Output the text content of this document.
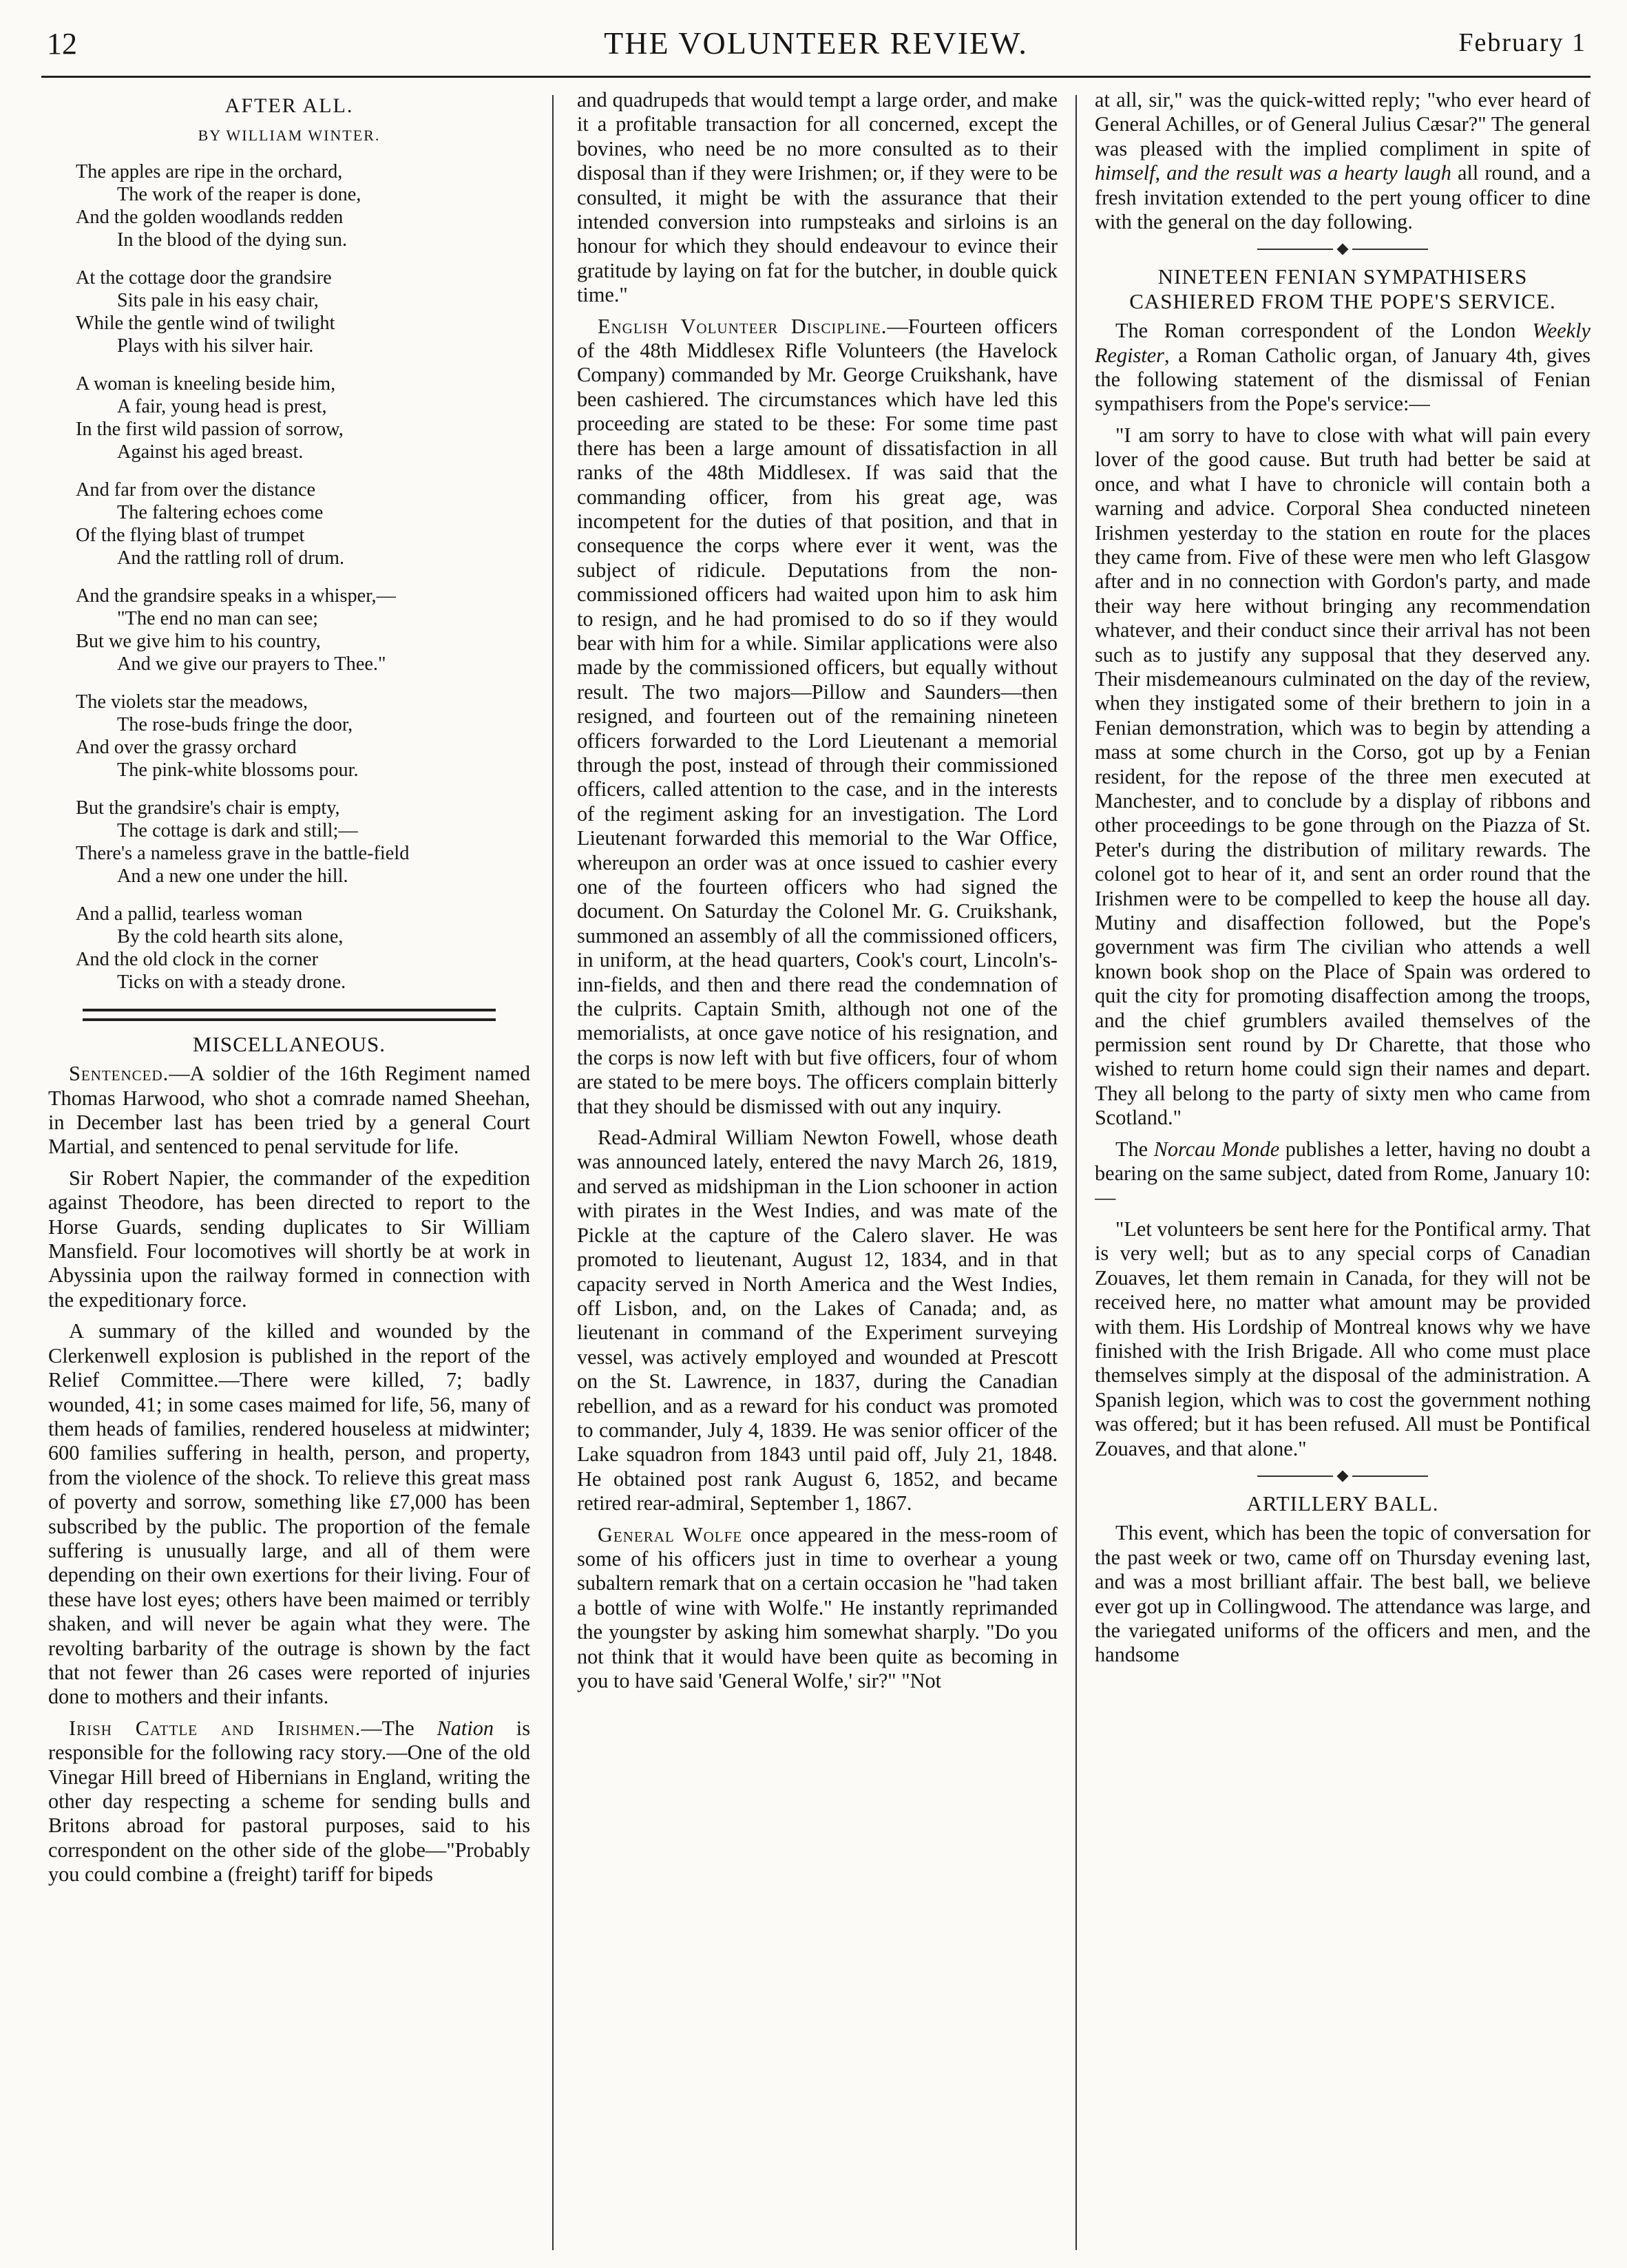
12	THE VOLUNTEER REVIEW.	February 1
AFTER ALL.
BY WILLIAM WINTER.
The apples are ripe in the orchard,
The work of the reaper is done,
And the golden woodlands redden
In the blood of the dying sun.
At the cottage door the grandsire
Sits pale in his easy chair,
While the gentle wind of twilight
Plays with his silver hair.
A woman is kneeling beside him,
A fair, young head is prest,
In the first wild passion of sorrow,
Against his aged breast.
And far from over the distance
The faltering echoes come
Of the flying blast of trumpet
And the rattling roll of drum.
And the grandsire speaks in a whisper,—
"The end no man can see;
But we give him to his country,
And we give our prayers to Thee."
The violets star the meadows,
The rose-buds fringe the door,
And over the grassy orchard
The pink-white blossoms pour.
But the grandsire's chair is empty,
The cottage is dark and still;—
There's a nameless grave in the battle-field
And a new one under the hill.
And a pallid, tearless woman
By the cold hearth sits alone,
And the old clock in the corner
Ticks on with a steady drone.
MISCELLANEOUS.

Sentenced.—A soldier of the 16th Regiment named Thomas Harwood, who shot a comrade named Sheehan, in December last has been tried by a general Court Martial, and sentenced to penal servitude for life.

Sir Robert Napier, the commander of the expedition against Theodore, has been directed to report to the Horse Guards, sending duplicates to Sir William Mansfield. Four locomotives will shortly be at work in Abyssinia upon the railway formed in connection with the expeditionary force.

A summary of the killed and wounded by the Clerkenwell explosion is published in the report of the Relief Committee.—There were killed, 7; badly wounded, 41; in some cases maimed for life, 56, many of them heads of families, rendered houseless at midwinter; 600 families suffering in health, person, and property, from the violence of the shock. To relieve this great mass of poverty and sorrow, something like £7,000 has been subscribed by the public. The proportion of the female suffering is unusually large, and all of them were depending on their own exertions for their living. Four of these have lost eyes; others have been maimed or terribly shaken, and will never be again what they were. The revolting barbarity of the outrage is shown by the fact that not fewer than 26 cases were reported of injuries done to mothers and their infants.

Irish Cattle and Irishmen.—The Nation is responsible for the following racy story.—One of the old Vinegar Hill breed of Hibernians in England, writing the other day respecting a scheme for sending bulls and Britons abroad for pastoral purposes, said to his correspondent on the other side of the globe—"Probably you could combine a (freight) tariff for bipeds

and quadrupeds that would tempt a large order, and make it a profitable transaction for all concerned, except the bovines, who need be no more consulted as to their disposal than if they were Irishmen; or, if they were to be consulted, it might be with the assurance that their intended conversion into rumpsteaks and sirloins is an honour for which they should endeavour to evince their gratitude by laying on fat for the butcher, in double quick time."

English Volunteer Discipline.—Fourteen officers of the 48th Middlesex Rifle Volunteers (the Havelock Company) commanded by Mr. George Cruikshank, have been cashiered. The circumstances which have led this proceeding are stated to be these: For some time past there has been a large amount of dissatisfaction in all ranks of the 48th Middlesex. If was said that the commanding officer, from his great age, was incompetent for the duties of that position, and that in consequence the corps where ever it went, was the subject of ridicule. Deputations from the non-commissioned officers had waited upon him to ask him to resign, and he had promised to do so if they would bear with him for a while. Similar applications were also made by the commissioned officers, but equally without result. The two majors—Pillow and Saunders—then resigned, and fourteen out of the remaining nineteen officers forwarded to the Lord Lieutenant a memorial through the post, instead of through their commissioned officers, called attention to the case, and in the interests of the regiment asking for an investigation. The Lord Lieutenant forwarded this memorial to the War Office, whereupon an order was at once issued to cashier every one of the fourteen officers who had signed the document. On Saturday the Colonel Mr. G. Cruikshank, summoned an assembly of all the commissioned officers, in uniform, at the head quarters, Cook's court, Lincoln's-inn-fields, and then and there read the condemnation of the culprits. Captain Smith, although not one of the memorialists, at once gave notice of his resignation, and the corps is now left with but five officers, four of whom are stated to be mere boys. The officers complain bitterly that they should be dismissed with out any inquiry.

Read-Admiral William Newton Fowell, whose death was announced lately, entered the navy March 26, 1819, and served as midshipman in the Lion schooner in action with pirates in the West Indies, and was mate of the Pickle at the capture of the Calero slaver. He was promoted to lieutenant, August 12, 1834, and in that capacity served in North America and the West Indies, off Lisbon, and, on the Lakes of Canada; and, as lieutenant in command of the Experiment surveying vessel, was actively employed and wounded at Prescott on the St. Lawrence, in 1837, during the Canadian rebellion, and as a reward for his conduct was promoted to commander, July 4, 1839. He was senior officer of the Lake squadron from 1843 until paid off, July 21, 1848. He obtained post rank August 6, 1852, and became retired rear-admiral, September 1, 1867.

General Wolfe once appeared in the mess-room of some of his officers just in time to overhear a young subaltern remark that on a certain occasion he "had taken a bottle of wine with Wolfe." He instantly reprimanded the youngster by asking him somewhat sharply. "Do you not think that it would have been quite as becoming in you to have said 'General Wolfe,' sir?" "Not

at all, sir," was the quick-witted reply; "who ever heard of General Achilles, or of General Julius Cæsar?" The general was pleased with the implied compliment in spite of himself, and the result was a hearty laugh all round, and a fresh invitation extended to the pert young officer to dine with the general on the day following.

NINETEEN FENIAN SYMPATHISERS CASHIERED FROM THE POPE'S SERVICE.

The Roman correspondent of the London Weekly Register, a Roman Catholic organ, of January 4th, gives the following statement of the dismissal of Fenian sympathisers from the Pope's service:—

"I am sorry to have to close with what will pain every lover of the good cause. But truth had better be said at once, and what I have to chronicle will contain both a warning and advice. Corporal Shea conducted nineteen Irishmen yesterday to the station en route for the places they came from. Five of these were men who left Glasgow after and in no connection with Gordon's party, and made their way here without bringing any recommendation whatever, and their conduct since their arrival has not been such as to justify any supposal that they deserved any. Their misdemeanours culminated on the day of the review, when they instigated some of their brethern to join in a Fenian demonstration, which was to begin by attending a mass at some church in the Corso, got up by a Fenian resident, for the repose of the three men executed at Manchester, and to conclude by a display of ribbons and other proceedings to be gone through on the Piazza of St. Peter's during the distribution of military rewards. The colonel got to hear of it, and sent an order round that the Irishmen were to be compelled to keep the house all day. Mutiny and disaffection followed, but the Pope's government was firm The civilian who attends a well known book shop on the Place of Spain was ordered to quit the city for promoting disaffection among the troops, and the chief grumblers availed themselves of the permission sent round by Dr Charette, that those who wished to return home could sign their names and depart. They all belong to the party of sixty men who came from Scotland."

The Norcau Monde publishes a letter, having no doubt a bearing on the same subject, dated from Rome, January 10:—

"Let volunteers be sent here for the Pontifical army. That is very well; but as to any special corps of Canadian Zouaves, let them remain in Canada, for they will not be received here, no matter what amount may be provided with them. His Lordship of Montreal knows why we have finished with the Irish Brigade. All who come must place themselves simply at the disposal of the administration. A Spanish legion, which was to cost the government nothing was offered; but it has been refused. All must be Pontifical Zouaves, and that alone."

ARTILLERY BALL.

This event, which has been the topic of conversation for the past week or two, came off on Thursday evening last, and was a most brilliant affair. The best ball, we believe ever got up in Collingwood. The attendance was large, and the variegated uniforms of the officers and men, and the handsome
